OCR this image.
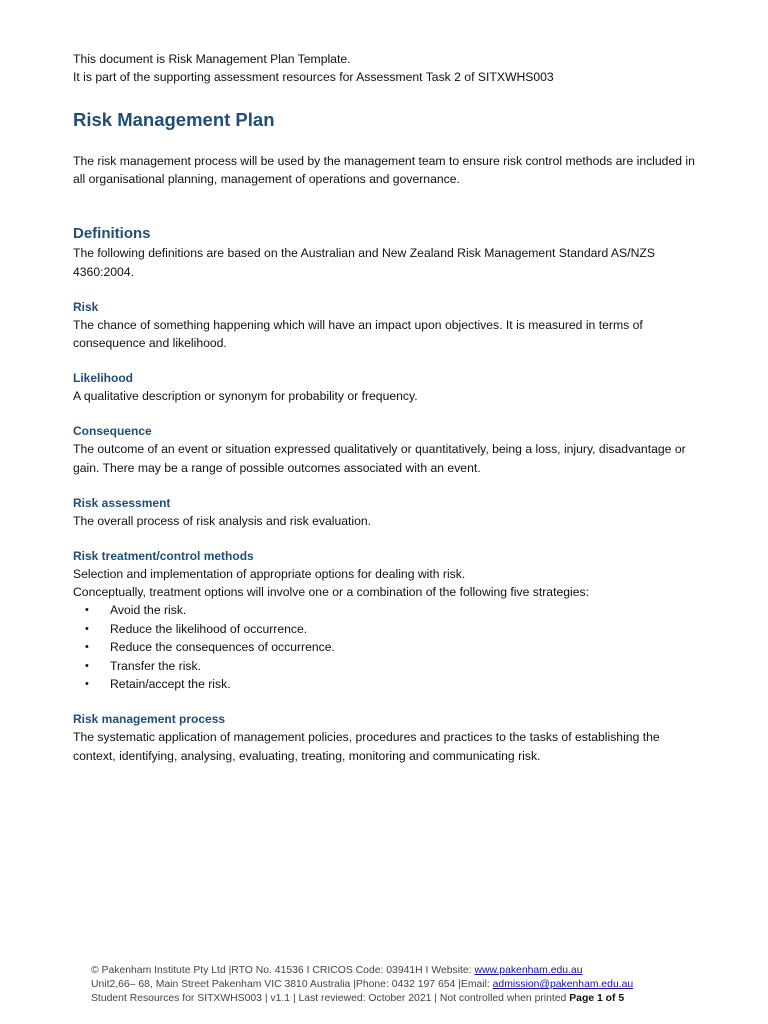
This document is Risk Management Plan Template.

It is part of the supporting assessment resources for Assessment Task 2 of SITXWHS003

Risk Management Plan

The risk management process will be used by the management team to ensure risk control methods are included in all organisational planning, management of operations and governance.

Definitions

The following definitions are based on the Australian and New Zealand Risk Management Standard AS/NZS 4360:2004.

Risk

The chance of something happening which will have an impact upon objectives. It is measured in terms of consequence and likelihood.

Likelihood

A qualitative description or synonym for probability or frequency.

Consequence

The outcome of an event or situation expressed qualitatively or quantitatively, being a loss, injury, disadvantage or gain. There may be a range of possible outcomes associated with an event.

Risk assessment

The overall process of risk analysis and risk evaluation.

Risk treatment/control methods

Selection and implementation of appropriate options for dealing with risk.

Conceptually, treatment options will involve one or a combination of the following five strategies:

• Avoid the risk.
• Reduce the likelihood of occurrence.
• Reduce the consequences of occurrence.
• Transfer the risk.
• Retain/accept the risk.
Risk management process

The systematic application of management policies, procedures and practices to the tasks of establishing the context, identifying, analysing, evaluating, treating, monitoring and communicating risk.

© Pakenham Institute Pty Ltd |RTO No. 41536 I CRICOS Code: 03941H I Website: www.pakenham.edu.au
Unit2,66– 68, Main Street Pakenham VIC 3810 Australia |Phone: 0432 197 654 |Email: admission@pakenham.edu.au
Student Resources for SITXWHS003 | v1.1 | Last reviewed: October 2021 | Not controlled when printed Page 1 of 5
